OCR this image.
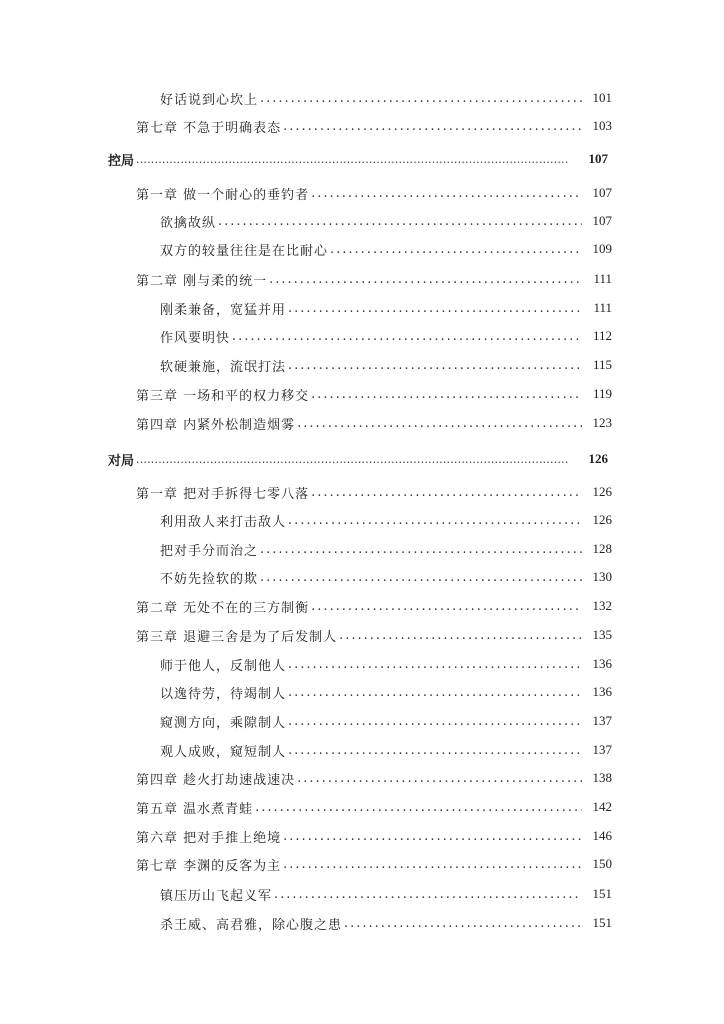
好话说到心坎上 .....	101
第七章 不急于明确表态 .....	103
控局 .....	107
第一章 做一个耐心的垂钓者 .....	107
欲擒故纵 .....	107
双方的较量往往是在比耐心 .....	109
第二章 刚与柔的统一 .....	111
刚柔兼备，宽猛并用 .....	111
作风要明快 .....	112
软硬兼施，流氓打法 .....	115
第三章 一场和平的权力移交 .....	119
第四章 内紧外松制造烟雾 .....	123
对局 .....	126
第一章 把对手拆得七零八落 .....	126
利用敌人来打击敌人 .....	126
把对手分而治之 .....	128
不妨先捡软的欺 .....	130
第二章 无处不在的三方制衡 .....	132
第三章 退避三舍是为了后发制人 .....	135
师于他人，反制他人 .....	136
以逸待劳，待竭制人 .....	136
窥测方向，乘隙制人 .....	137
观人成败，窥短制人 .....	137
第四章 趁火打劫速战速决 .....	138
第五章 温水煮青蛙 .....	142
第六章 把对手推上绝境 .....	146
第七章 李渊的反客为主 .....	150
镇压历山飞起义军 .....	151
杀王威、高君雅，除心腹之患 .....	151
